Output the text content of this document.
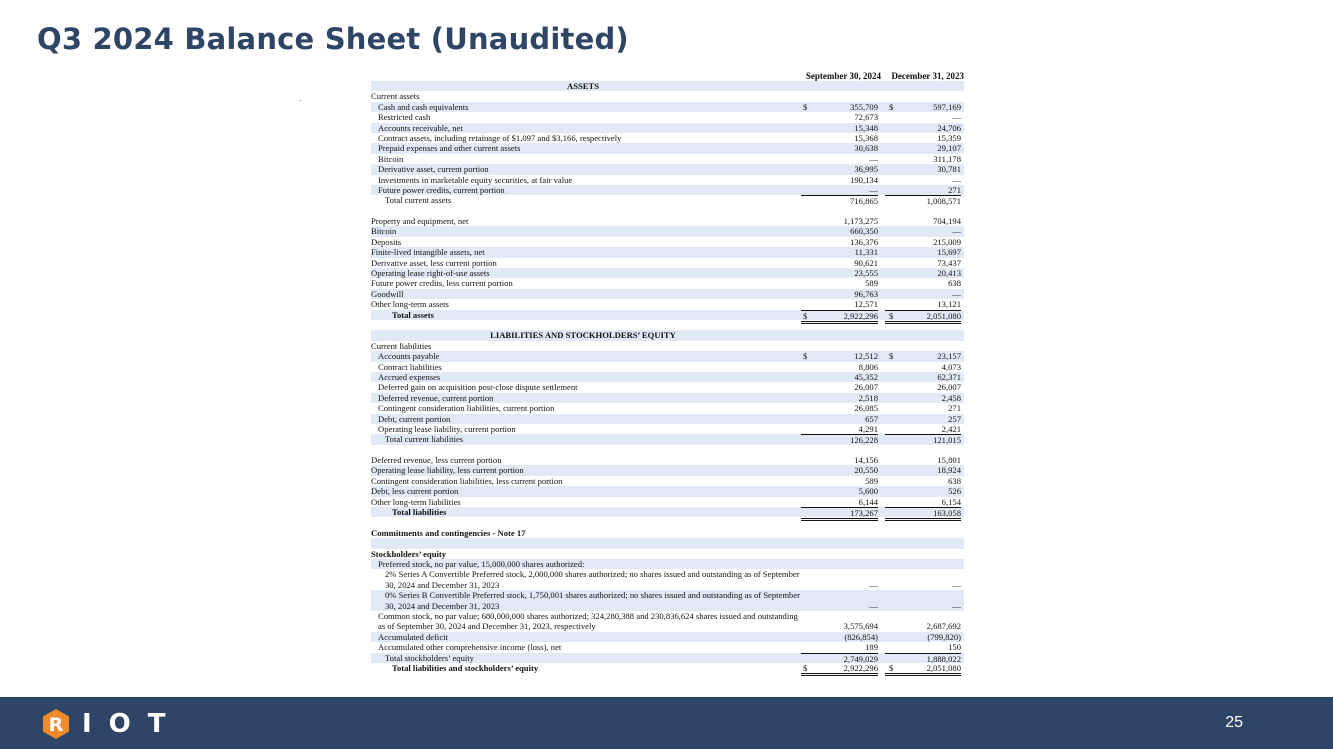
Q3 2024 Balance Sheet (Unaudited)
September 30, 2024	December 31, 2023
ASSETS
Current assets
Cash and cash equivalents	$	355,709 $	597,169
Restricted cash	72,673	—
Accounts receivable, net	15,348	24,706
Contract assets, including retainage of $1,097 and $3,166, respectively	15,368	15,359
Prepaid expenses and other current assets	30,638	29,107
Bitcoin	—	311,178
Derivative asset, current portion	36,995	30,781
Investments in marketable equity securities, at fair value	190,134	—
Future power credits, current portion	—	271
Total current assets	716,865	1,008,571
Property and equipment, net	1,173,275	704,194
Bitcoin	660,350	—
Deposits	136,376	215,009
Finite-lived intangible assets, net	11,331	15,697
Derivative asset, less current portion	90,621	73,437
Operating lease right-of-use assets	23,555	20,413
Future power credits, less current portion	589	638
Goodwill	96,763	—
Other long-term assets	12,571	13,121
Total assets	$	2,922,296 $	2,051,080
LIABILITIES AND STOCKHOLDERS’ EQUITY
Current liabilities
Accounts payable	$	12,512 $	23,157
Contract liabilities	8,806	4,073
Accrued expenses	45,352	62,371
Deferred gain on acquisition post-close dispute settlement	26,007	26,007
Deferred revenue, current portion	2,518	2,458
Contingent consideration liabilities, current portion	26,085	271
Debt, current portion	657	257
Operating lease liability, current portion	4,291	2,421
Total current liabilities	126,228	121,015
Deferred revenue, less current portion	14,156	15,801
Operating lease liability, less current portion	20,550	18,924
Contingent consideration liabilities, less current portion	589	638
Debt, less current portion	5,600	526
Other long-term liabilities	6,144	6,154
Total liabilities	173,267	163,058
Commitments and contingencies - Note 17
Stockholders’ equity
Preferred stock, no par value, 15,000,000 shares authorized:
2% Series A Convertible Preferred stock, 2,000,000 shares authorized; no shares issued and outstanding as of September 30, 2024 and December 31, 2023	—	—
0% Series B Convertible Preferred stock, 1,750,001 shares authorized; no shares issued and outstanding as of September 30, 2024 and December 31, 2023	—	—
Common stock, no par value; 680,000,000 shares authorized; 324,280,388 and 230,836,624 shares issued and outstanding as of September 30, 2024 and December 31, 2023, respectively	3,575,694	2,687,692
Accumulated deficit	(826,854)	(799,820)
Accumulated other comprehensive income (loss), net	189	150
Total stockholders’ equity	2,749,029	1,888,022
Total liabilities and stockholders’ equity	$	2,922,296 $	2,051,080
R IOT	25
